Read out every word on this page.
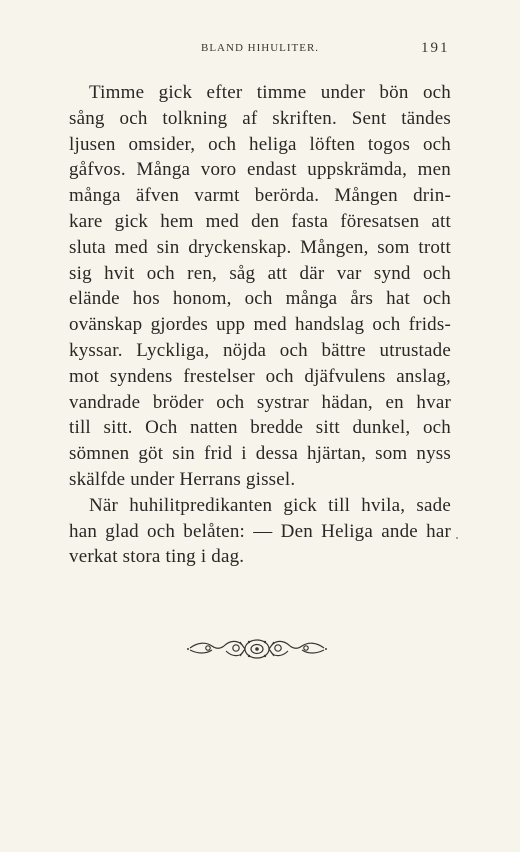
BLAND HIHULITER.	191
Timme gick efter timme under bön och
sång och tolkning af skriften. Sent tändes
ljusen omsider, och heliga löften togos och
gåfvos. Många voro endast uppskrämda, men
många äfven varmt berörda. Mången drin-
kare gick hem med den fasta föresatsen att
sluta med sin dryckenskap. Mången, som trott
sig hvit och ren, såg att där var synd och
elände hos honom, och många års hat och
ovänskap gjordes upp med handslag och frids-
kyssar. Lyckliga, nöjda och bättre utrustade
mot syndens frestelser och djäfvulens anslag,
vandrade bröder och systrar hädan, en hvar
till sitt. Och natten bredde sitt dunkel, och
sömnen göt sin frid i dessa hjärtan, som nyss
skälfde under Herrans gissel.
När huhilitpredikanten gick till hvila, sade
han glad och belåten: — Den Heliga ande har
verkat stora ting i dag.
